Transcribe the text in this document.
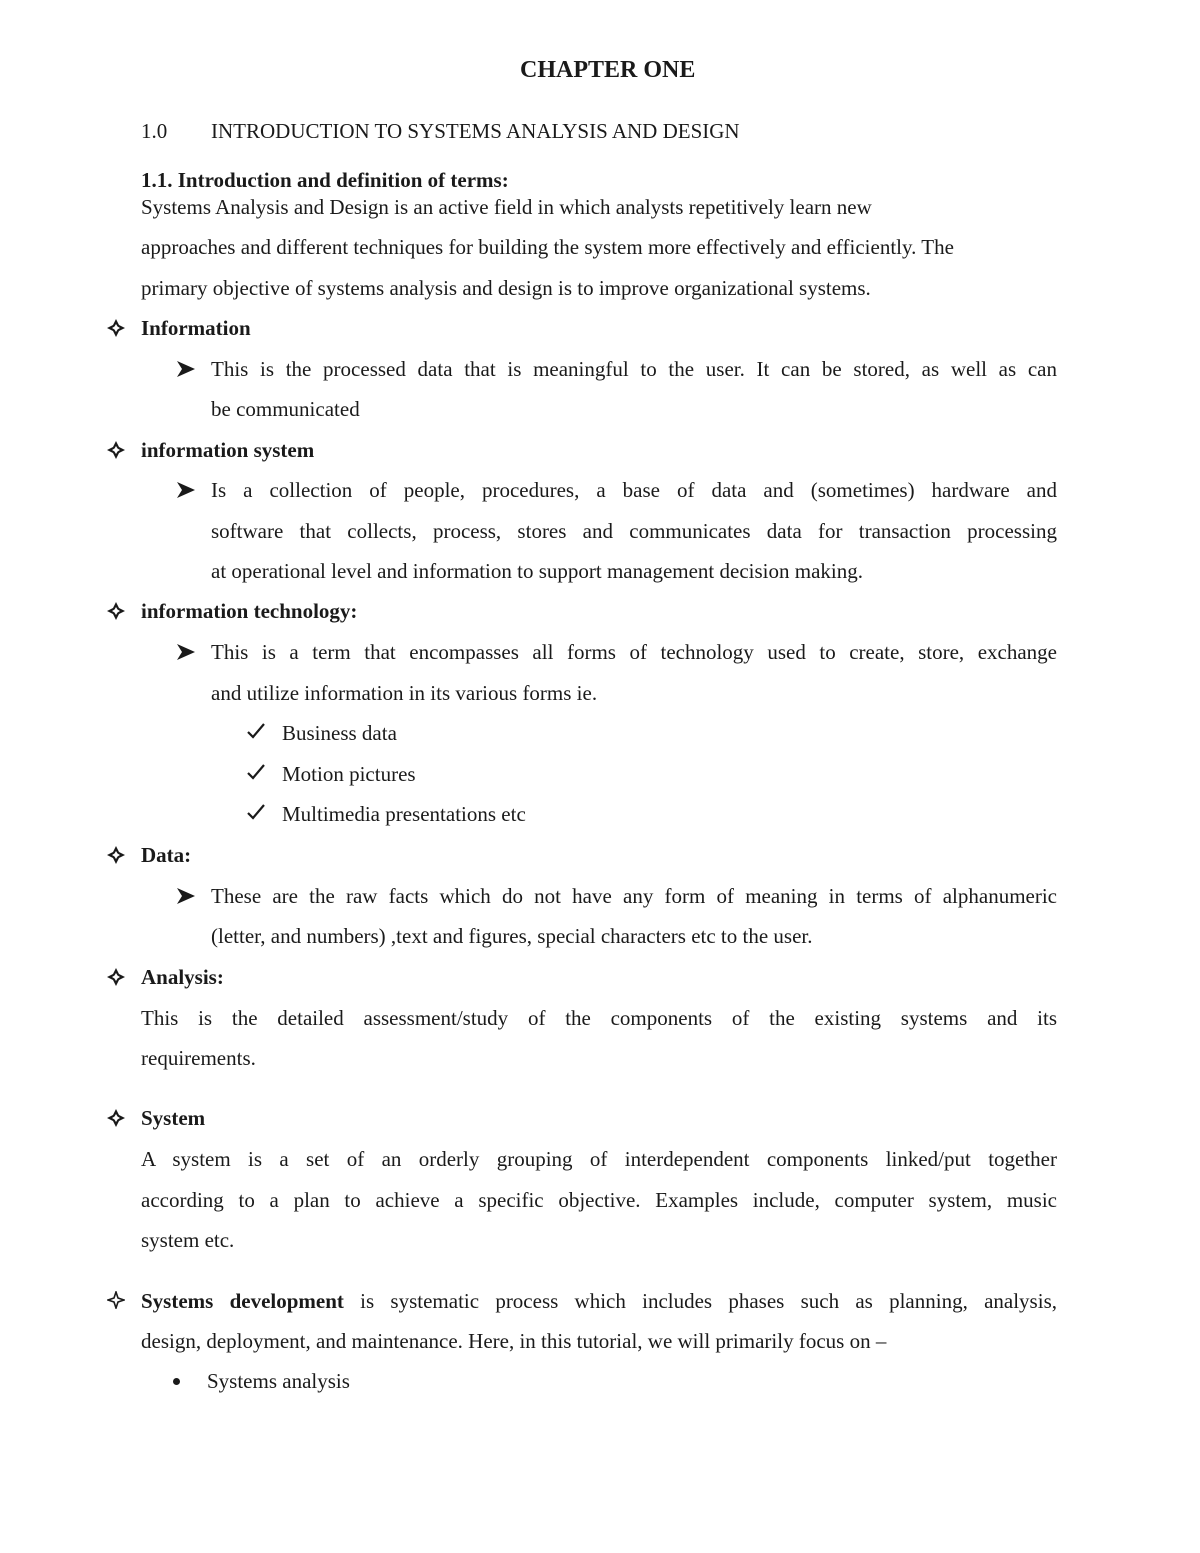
CHAPTER ONE
1.0 INTRODUCTION TO SYSTEMS ANALYSIS AND DESIGN
1.1. Introduction and definition of terms:
Systems Analysis and Design is an active field in which analysts repetitively learn new
approaches and different techniques for building the system more effectively and efficiently. The
primary objective of systems analysis and design is to improve organizational systems.
Information
This is the processed data that is meaningful to the user. It can be stored, as well as can
be communicated
information system
Is a collection of people, procedures, a base of data and (sometimes) hardware and
software that collects, process, stores and communicates data for transaction processing
at operational level and information to support management decision making.
information technology:
This is a term that encompasses all forms of technology used to create, store, exchange
and utilize information in its various forms ie.
Business data
Motion pictures
Multimedia presentations etc
Data:
These are the raw facts which do not have any form of meaning in terms of alphanumeric
(letter, and numbers) ,text and figures, special characters etc to the user.
Analysis:
This is the detailed assessment/study of the components of the existing systems and its
requirements.
System
A system is a set of an orderly grouping of interdependent components linked/put together
according to a plan to achieve a specific objective. Examples include, computer system, music
system etc.
Systems development is systematic process which includes phases such as planning, analysis,
design, deployment, and maintenance. Here, in this tutorial, we will primarily focus on –
Systems analysis
